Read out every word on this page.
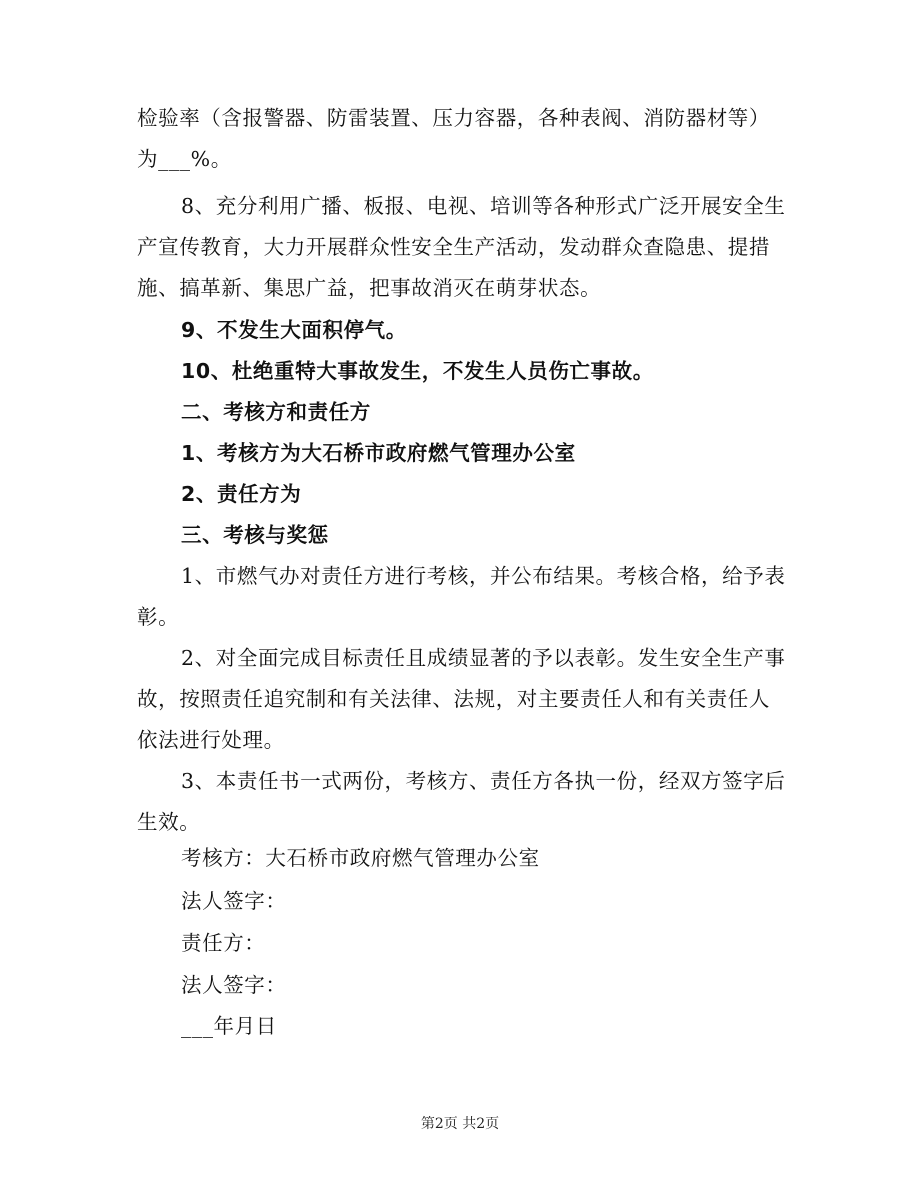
检验率（含报警器、防雷装置、压力容器，各种表阀、消防器材等）
为___%。

8、充分利用广播、板报、电视、培训等各种形式广泛开展安全生
产宣传教育，大力开展群众性安全生产活动，发动群众查隐患、提措
施、搞革新、集思广益，把事故消灭在萌芽状态。

9、不发生大面积停气。

10、杜绝重特大事故发生，不发生人员伤亡事故。

二、考核方和责任方

1、考核方为大石桥市政府燃气管理办公室

2、责任方为

三、考核与奖惩

1、市燃气办对责任方进行考核，并公布结果。考核合格，给予表
彰。

2、对全面完成目标责任且成绩显著的予以表彰。发生安全生产事
故，按照责任追究制和有关法律、法规，对主要责任人和有关责任人
依法进行处理。

3、本责任书一式两份，考核方、责任方各执一份，经双方签字后
生效。

考核方：大石桥市政府燃气管理办公室

法人签字：

责任方：

法人签字：

___年月日

第2页 共2页
